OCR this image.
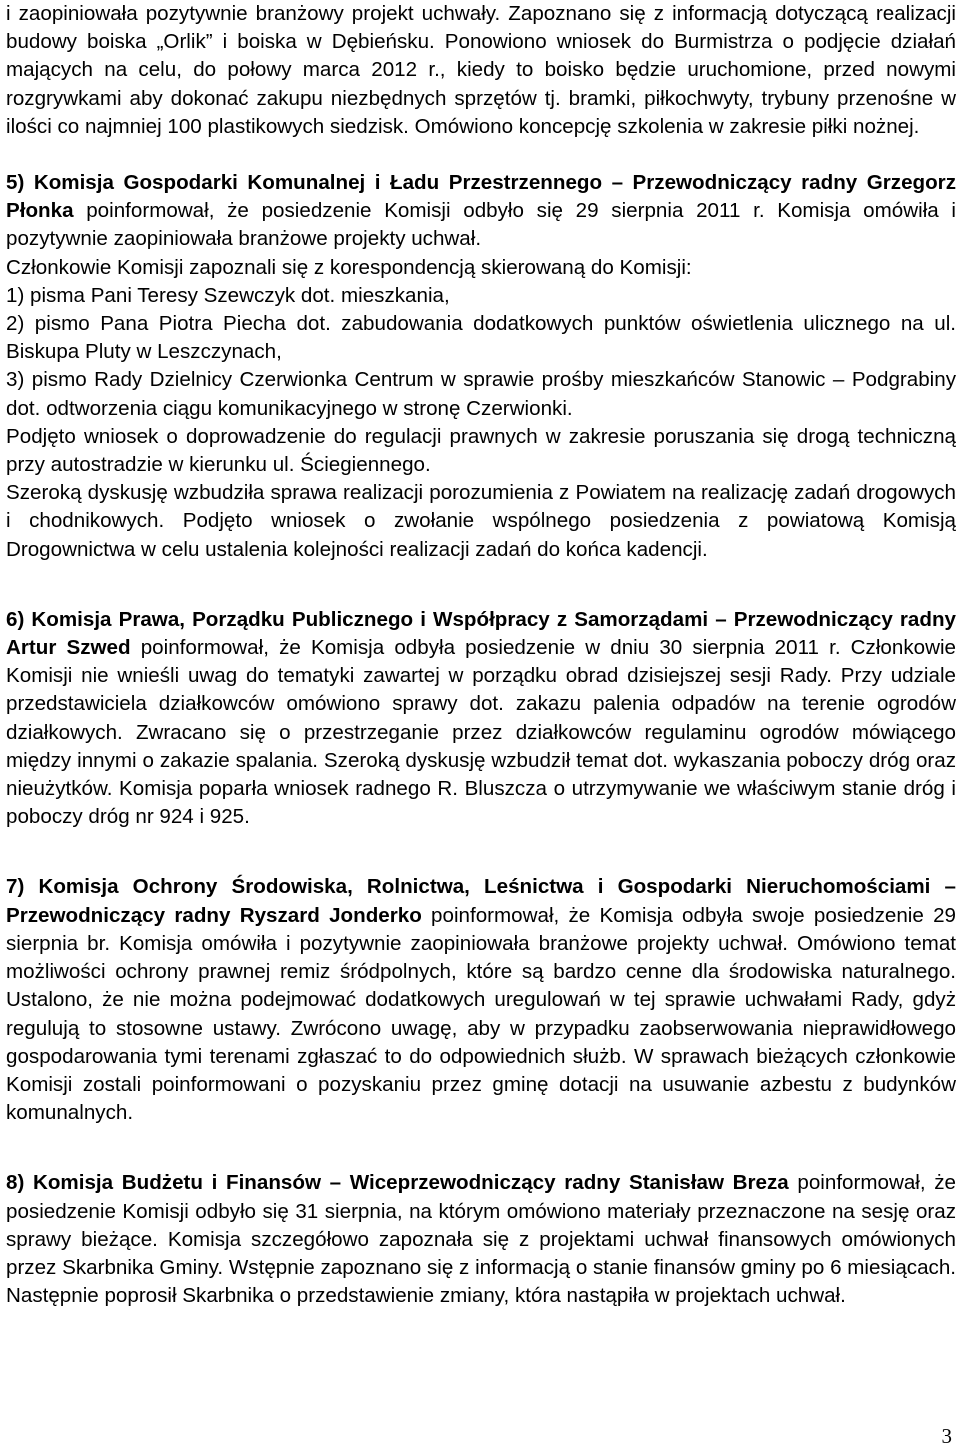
i zaopiniowała pozytywnie branżowy projekt uchwały. Zapoznano się z informacją dotyczącą realizacji budowy boiska „Orlik” i boiska w Dębieńsku. Ponowiono wniosek do Burmistrza o podjęcie działań mających na celu, do połowy marca 2012 r., kiedy to boisko będzie uruchomione, przed nowymi rozgrywkami aby dokonać zakupu niezbędnych sprzętów tj. bramki, piłkochwyty, trybuny przenośne w ilości co najmniej 100 plastikowych siedzisk. Omówiono koncepcję szkolenia w zakresie piłki nożnej.

5) Komisja Gospodarki Komunalnej i Ładu Przestrzennego – Przewodniczący radny Grzegorz Płonka poinformował, że posiedzenie Komisji odbyło się 29 sierpnia 2011 r. Komisja omówiła i pozytywnie zaopiniowała branżowe projekty uchwał.

Członkowie Komisji zapoznali się z korespondencją skierowaną do Komisji:

1) pisma Pani Teresy Szewczyk dot. mieszkania,

2) pismo Pana Piotra Piecha dot. zabudowania dodatkowych punktów oświetlenia ulicznego na ul. Biskupa Pluty w Leszczynach,

3) pismo Rady Dzielnicy Czerwionka Centrum w sprawie prośby mieszkańców Stanowic – Podgrabiny dot. odtworzenia ciągu komunikacyjnego w stronę Czerwionki.

Podjęto wniosek o doprowadzenie do regulacji prawnych w zakresie poruszania się drogą techniczną przy autostradzie w kierunku ul. Ściegiennego.

Szeroką dyskusję wzbudziła sprawa realizacji porozumienia z Powiatem na realizację zadań drogowych i chodnikowych. Podjęto wniosek o zwołanie wspólnego posiedzenia z powiatową Komisją Drogownictwa w celu ustalenia kolejności realizacji zadań do końca kadencji.

6) Komisja Prawa, Porządku Publicznego i Współpracy z Samorządami – Przewodniczący radny Artur Szwed poinformował, że Komisja odbyła posiedzenie w dniu 30 sierpnia 2011 r. Członkowie Komisji nie wnieśli uwag do tematyki zawartej w porządku obrad dzisiejszej sesji Rady. Przy udziale przedstawiciela działkowców omówiono sprawy dot. zakazu palenia odpadów na terenie ogrodów działkowych. Zwracano się o przestrzeganie przez działkowców regulaminu ogrodów mówiącego między innymi o zakazie spalania. Szeroką dyskusję wzbudził temat dot. wykaszania poboczy dróg oraz nieużytków. Komisja poparła wniosek radnego R. Bluszcza o utrzymywanie we właściwym stanie dróg i poboczy dróg nr 924 i 925.

7) Komisja Ochrony Środowiska, Rolnictwa, Leśnictwa i Gospodarki Nieruchomościami – Przewodniczący radny Ryszard Jonderko poinformował, że Komisja odbyła swoje posiedzenie 29 sierpnia br. Komisja omówiła i pozytywnie zaopiniowała branżowe projekty uchwał. Omówiono temat możliwości ochrony prawnej remiz śródpolnych, które są bardzo cenne dla środowiska naturalnego. Ustalono, że nie można podejmować dodatkowych uregulowań w tej sprawie uchwałami Rady, gdyż regulują to stosowne ustawy. Zwrócono uwagę, aby w przypadku zaobserwowania nieprawidłowego gospodarowania tymi terenami zgłaszać to do odpowiednich służb. W sprawach bieżących członkowie Komisji zostali poinformowani o pozyskaniu przez gminę dotacji na usuwanie azbestu z budynków komunalnych.

8) Komisja Budżetu i Finansów – Wiceprzewodniczący radny Stanisław Breza poinformował, że posiedzenie Komisji odbyło się 31 sierpnia, na którym omówiono materiały przeznaczone na sesję oraz sprawy bieżące. Komisja szczegółowo zapoznała się z projektami uchwał finansowych omówionych przez Skarbnika Gminy. Wstępnie zapoznano się z informacją o stanie finansów gminy po 6 miesiącach. Następnie poprosił Skarbnika o przedstawienie zmiany, która nastąpiła w projektach uchwał.

3
